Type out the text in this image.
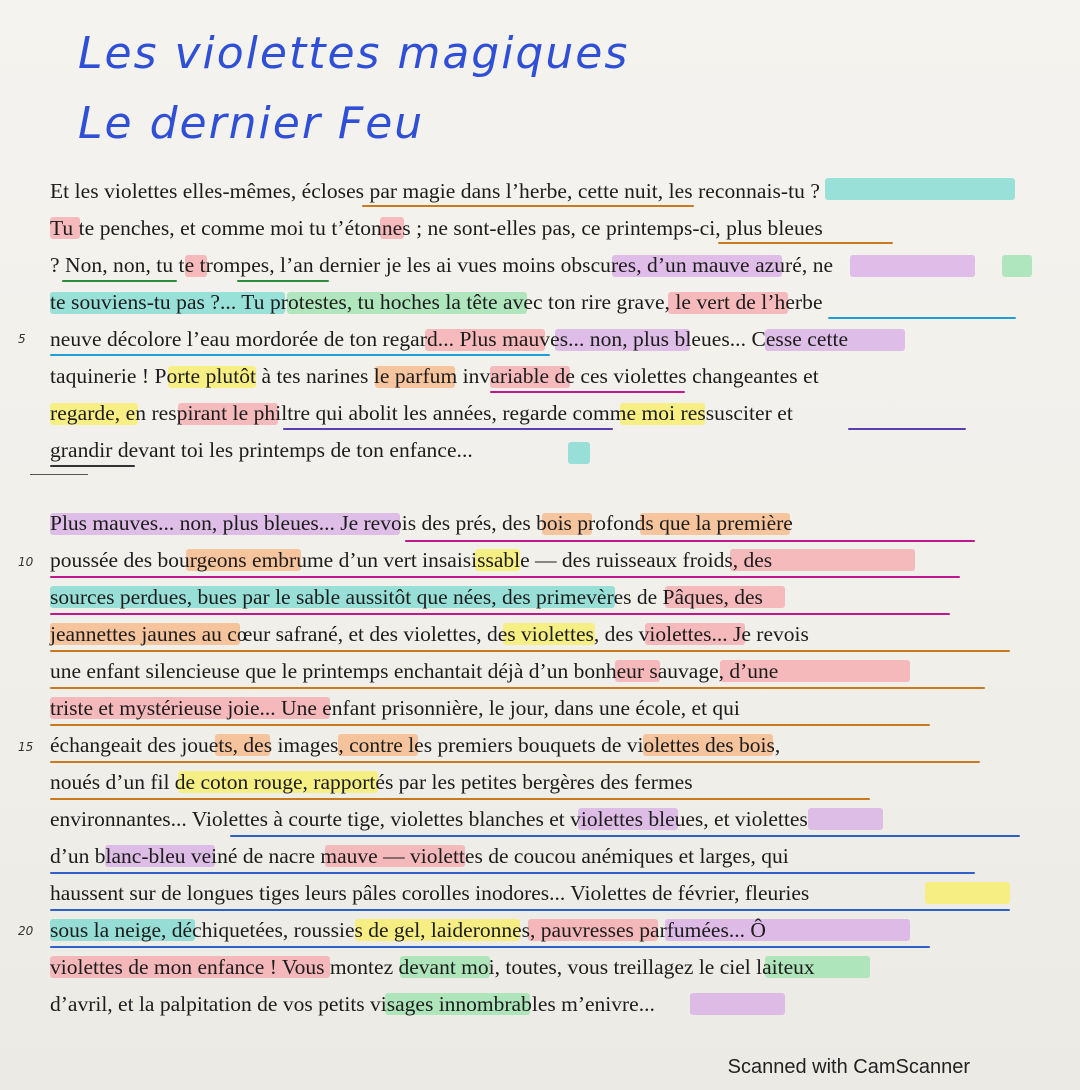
Les violettes magiques
Le dernier Feu
Et les violettes elles-mêmes, écloses par magie dans l’herbe, cette nuit, les reconnais-tu ?
Tu te penches, et comme moi tu t’étonnes ; ne sont-elles pas, ce printemps-ci, plus bleues
? Non, non, tu te trompes, l’an dernier je les ai vues moins obscures, d’un mauve azuré, ne
te souviens-tu pas ?... Tu protestes, tu hoches la tête avec ton rire grave, le vert de l’herbe
neuve décolore l’eau mordorée de ton regard... Plus mauves... non, plus bleues... Cesse cette
taquinerie ! Porte plutôt à tes narines le parfum invariable de ces violettes changeantes et
regarde, en respirant le philtre qui abolit les années, regarde comme moi ressusciter et
grandir devant toi les printemps de ton enfance...
Plus mauves... non, plus bleues... Je revois des prés, des bois profonds que la première
poussée des bourgeons embrume d’un vert insaisissable — des ruisseaux froids, des
sources perdues, bues par le sable aussitôt que nées, des primevères de Pâques, des
jeannettes jaunes au cœur safrané, et des violettes, des violettes, des violettes... Je revois
une enfant silencieuse que le printemps enchantait déjà d’un bonheur sauvage, d’une
triste et mystérieuse joie... Une enfant prisonnière, le jour, dans une école, et qui
échangeait des jouets, des images, contre les premiers bouquets de violettes des bois,
noués d’un fil de coton rouge, rapportés par les petites bergères des fermes
environnantes... Violettes à courte tige, violettes blanches et violettes bleues, et violettes
d’un blanc-bleu veiné de nacre mauve — violettes de coucou anémiques et larges, qui
haussent sur de longues tiges leurs pâles corolles inodores... Violettes de février, fleuries
sous la neige, déchiquetées, roussies de gel, laideronnes, pauvresses parfumées... Ô
violettes de mon enfance ! Vous montez devant moi, toutes, vous treillagez le ciel laiteux
d’avril, et la palpitation de vos petits visages innombrables m’enivre...
5
10
15
20
Scanned with CamScanner
